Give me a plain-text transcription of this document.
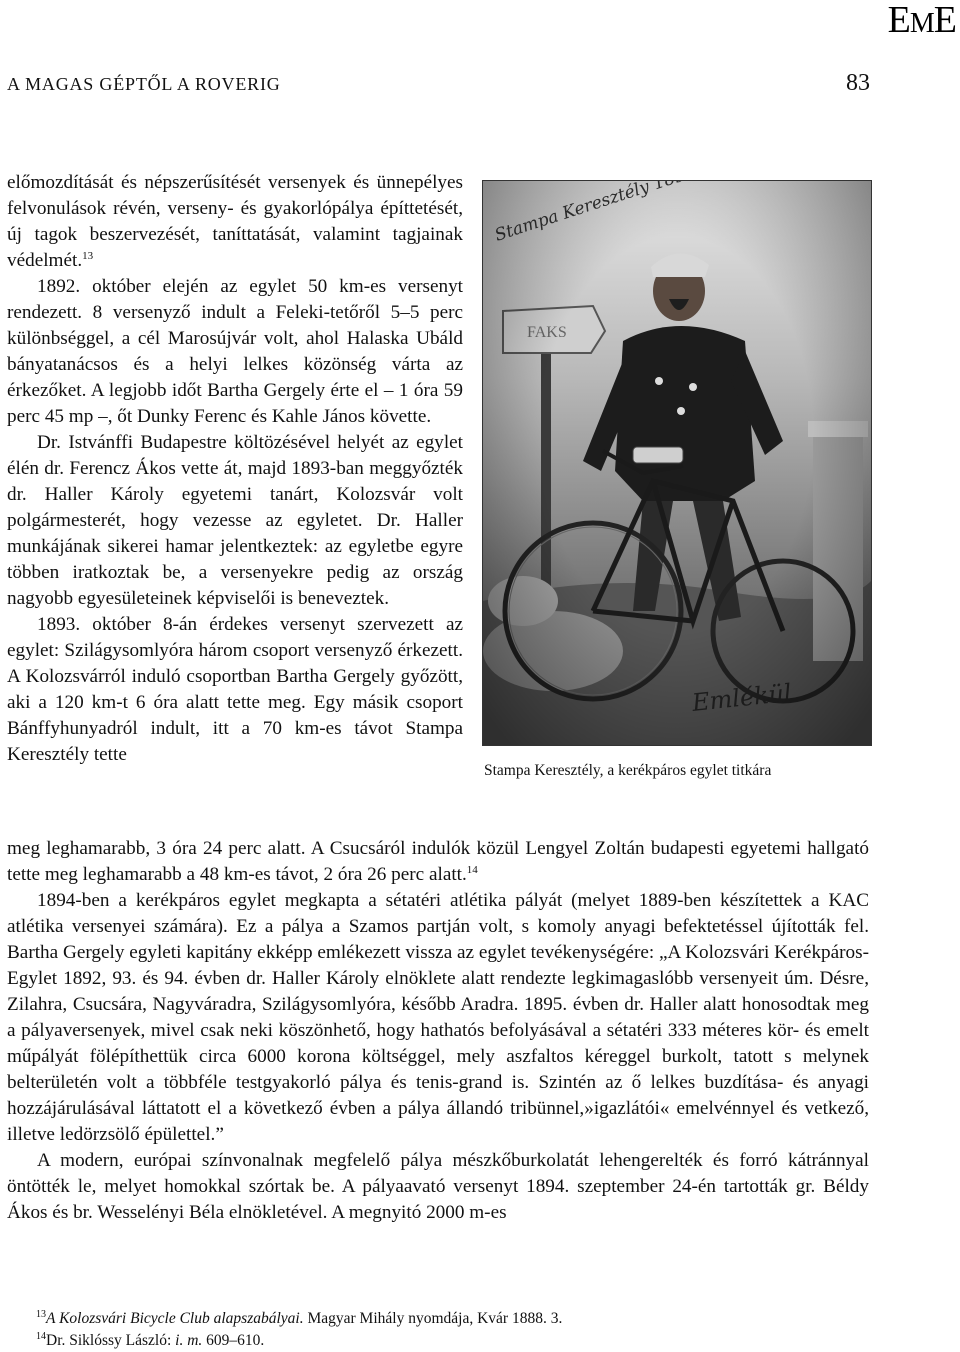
EME
A MAGAS GÉPTŐL A ROVERIG	83

előmozdítását és népszerűsítését versenyek és ünnepélyes felvonulások révén, verseny- és gyakorlópálya építtetését, új tagok beszervezését, taníttatását, valamint tagjainak védelmét.$^{13}$

1892. október elején az egylet 50 km-es versenyt rendezett. 8 versenyző indult a Feleki-tetőről 5–5 perc különbséggel, a cél Marosújvár volt, ahol Halaska Ubáld bányatanácsos és a helyi lelkes közönség várta az érkezőket. A legjobb időt Bartha Gergely érte el – 1 óra 59 perc 45 mp –, őt Dunky Ferenc és Kahle János követte.

Dr. Istvánffi Budapestre költözésével helyét az egylet élén dr. Ferencz Ákos vette át, majd 1893-ban meggyőzték dr. Haller Károly egyetemi tanárt, Kolozsvár volt polgármesterét, hogy vezesse az egyletet. Dr. Haller munkájának sikerei hamar jelentkeztek: az egyletbe egyre többen iratkoztak be, a versenyekre pedig az ország nagyobb egyesületeinek képviselői is beneveztek.

1893. október 8-án érdekes versenyt szervezett az egylet: Szilágysomlyóra három csoport versenyző érkezett. A Kolozsvárról induló csoportban Bartha Gergely győzött, aki a 120 km-t 6 óra alatt tette meg. Egy másik csoport Bánffyhunyadról indult, itt a 70 km-es távot Stampa Keresztély tette

Stampa Keresztély, a kerékpáros egylet titkára

meg leghamarabb, 3 óra 24 perc alatt. A Csucsáról indulók közül Lengyel Zoltán budapesti egyetemi hallgató tette meg leghamarabb a 48 km-es távot, 2 óra 26 perc alatt.$^{14}$

1894-ben a kerékpáros egylet megkapta a sétatéri atlétika pályát (melyet 1889-ben készítettek a KAC atlétika versenyei számára). Ez a pálya a Szamos partján volt, s komoly anyagi befektetéssel újították fel. Bartha Gergely egyleti kapitány ekképp emlékezett vissza az egylet tevékenységére: „A Kolozsvári Kerékpáros-Egylet 1892, 93. és 94. évben dr. Haller Károly elnöklete alatt rendezte legkimagaslóbb versenyeit úm. Désre, Zilahra, Csucsára, Nagyváradra, Szilágysomlyóra, később Aradra. 1895. évben dr. Haller alatt honosodtak meg a pályaversenyek, mivel csak neki köszönhető, hogy hathatós befolyásával a sétatéri 333 méteres kör- és emelt műpályát fölépíthettük circa 6000 korona költséggel, mely aszfaltos kéreggel burkolt, tatott s melynek belterületén volt a többféle testgyakorló pálya és tenis-grand is. Szintén az ő lelkes buzdítása- és anyagi hozzájárulásával láttatott el a következő évben a pálya állandó tribünnel,»igazlátói« emelvénnyel és vetkező, illetve ledörzsölő épülettel.”

A modern, európai színvonalnak megfelelő pálya mészkőburkolatát lehengerelték és forró kátránnyal öntötték le, melyet homokkal szórtak be. A pályaavató versenyt 1894. szeptember 24-én tartották gr. Béldy Ákos és br. Wesselényi Béla elnökletével. A megnyitó 2000 m-es

$^{13}$A Kolozsvári Bicycle Club alapszabályai. Magyar Mihály nyomdája, Kvár 1888. 3.
$^{14}$Dr. Siklóssy László: i. m. 609–610.
